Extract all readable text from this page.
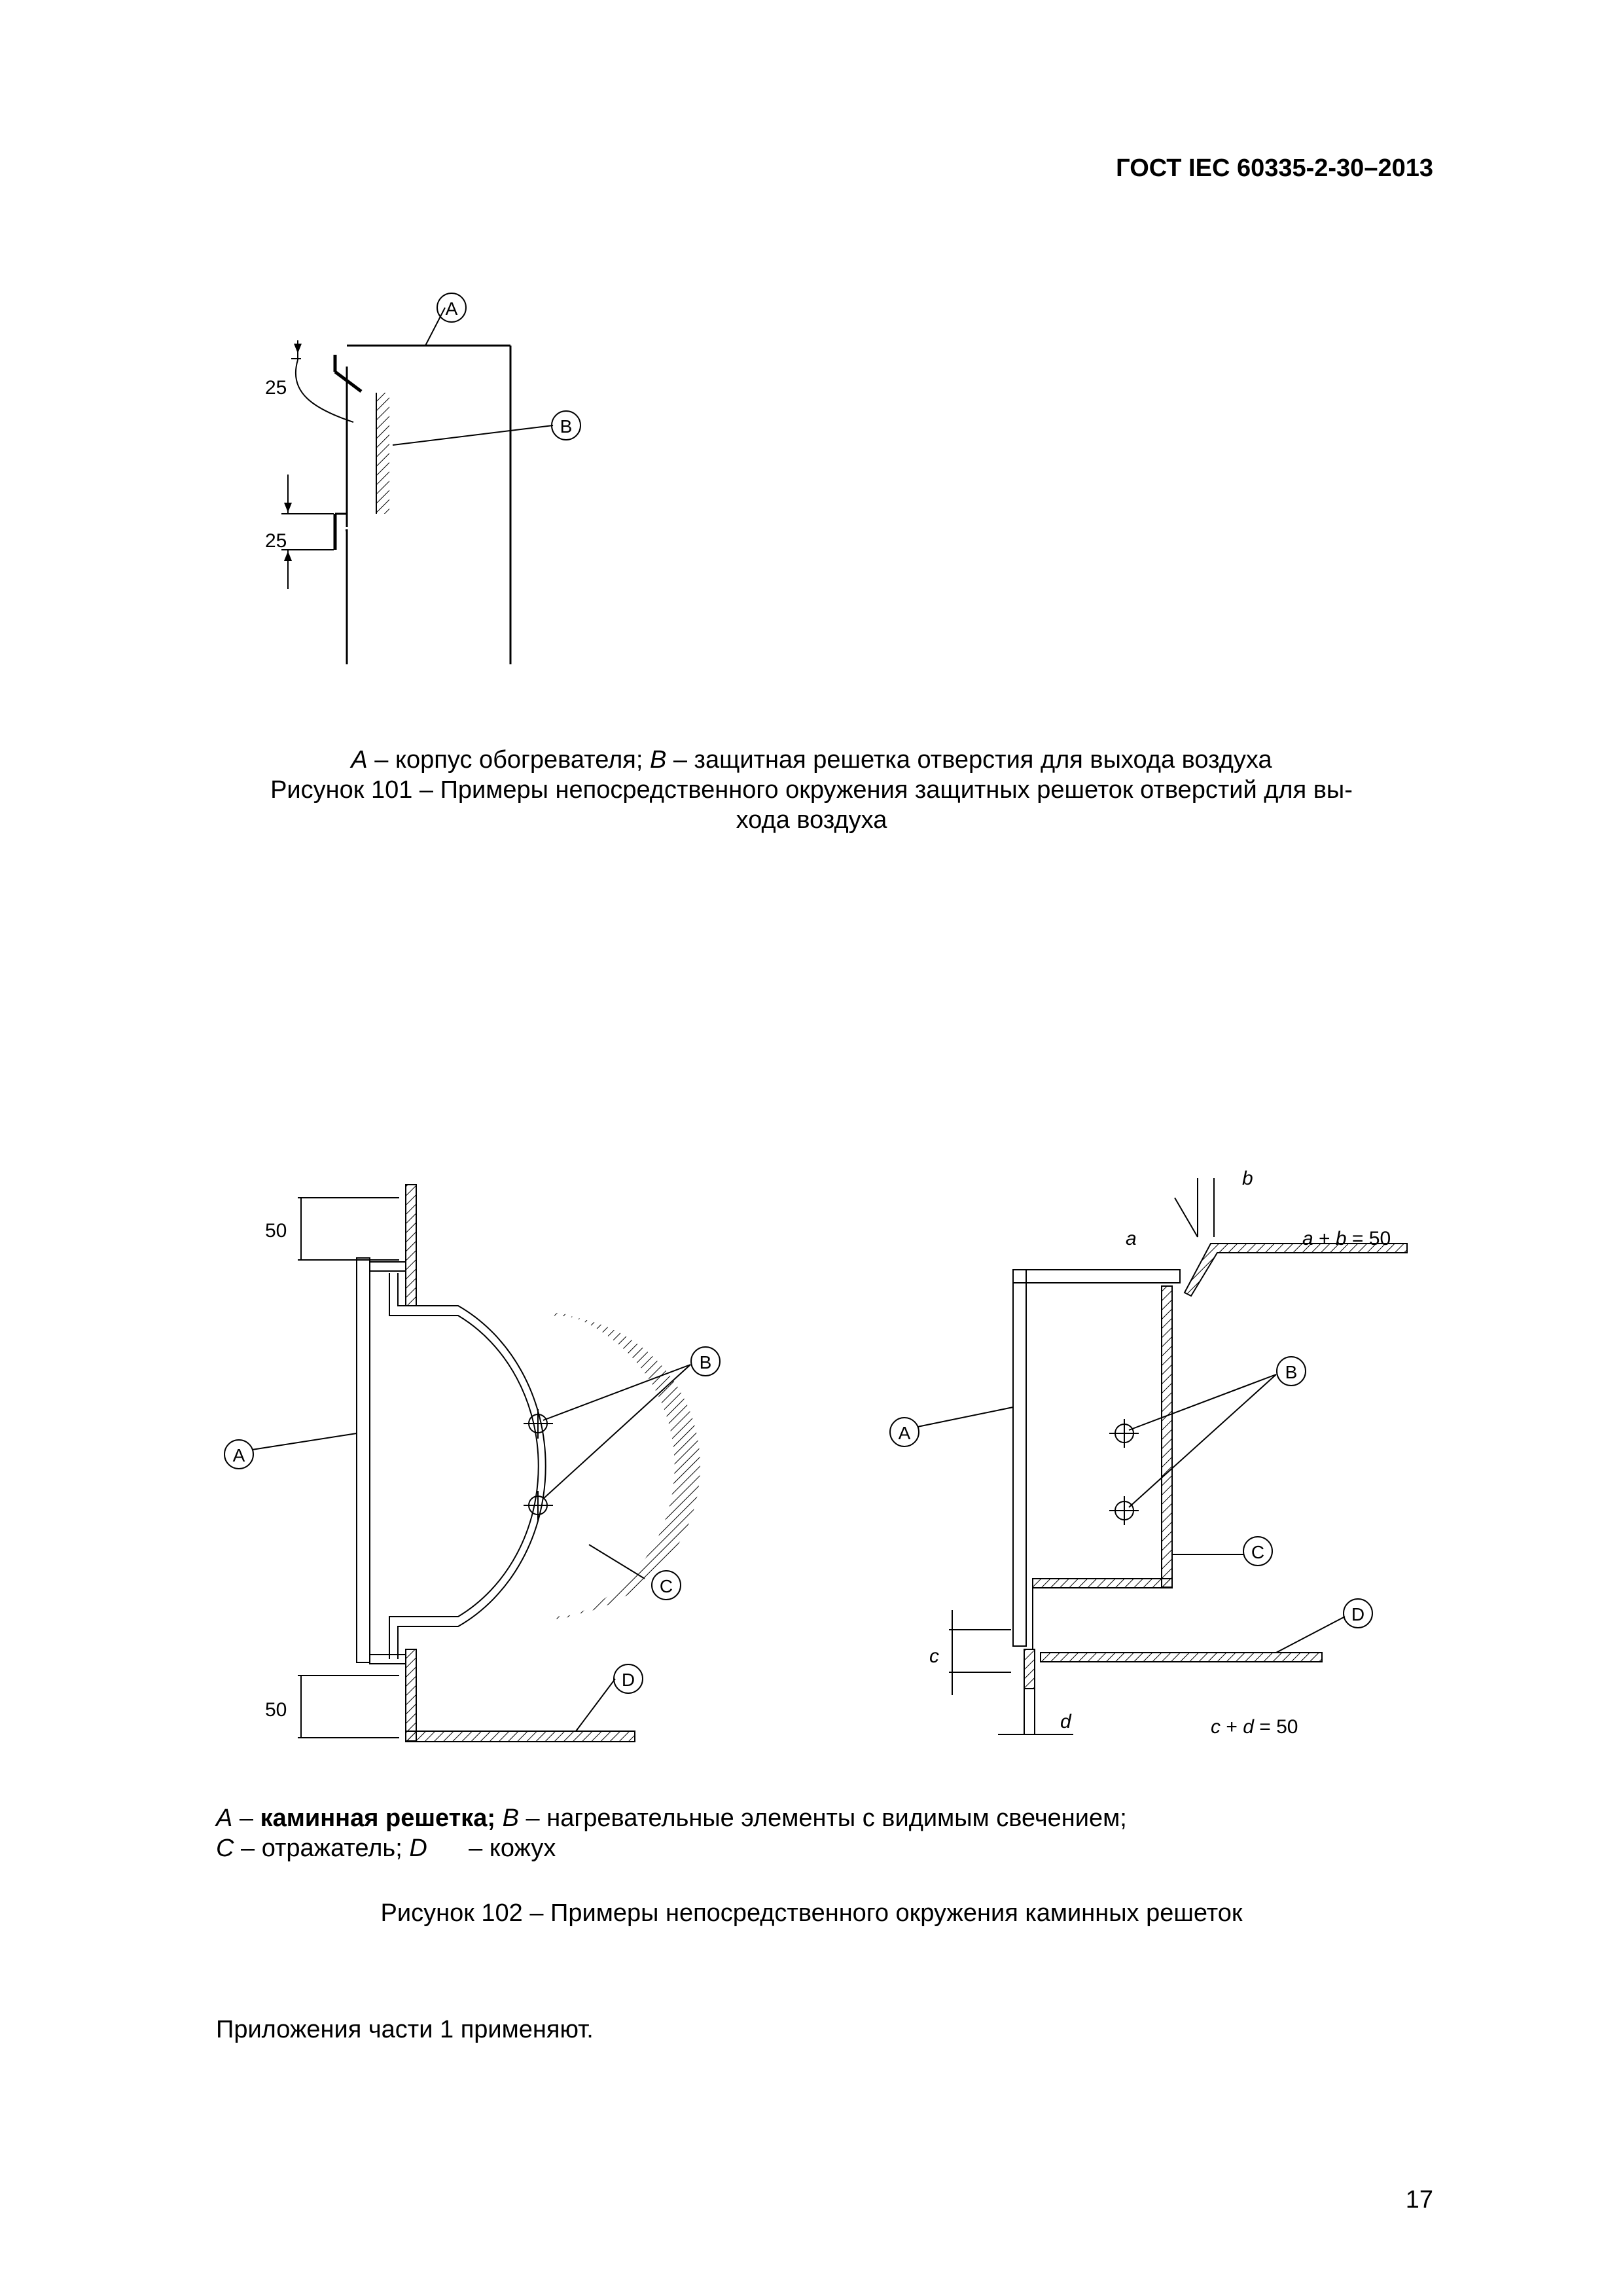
ГОСТ IEC 60335-2-30–2013
A
B
25
25
A – корпус обогревателя; B – защитная решетка отверстия для выхода воздуха
Рисунок 101 – Примеры непосредственного окружения защитных решеток отверстий для вы-
хода воздуха
A
B
C
D
50
50
A
B
C
D
a
b
c
d
a + b = 50
c + d = 50
A – каминная решетка; B – нагревательные элементы с видимым свечением;
C – отражатель; D      – кожух
Рисунок 102 – Примеры непосредственного окружения каминных решеток
Приложения части 1 применяют.
17
